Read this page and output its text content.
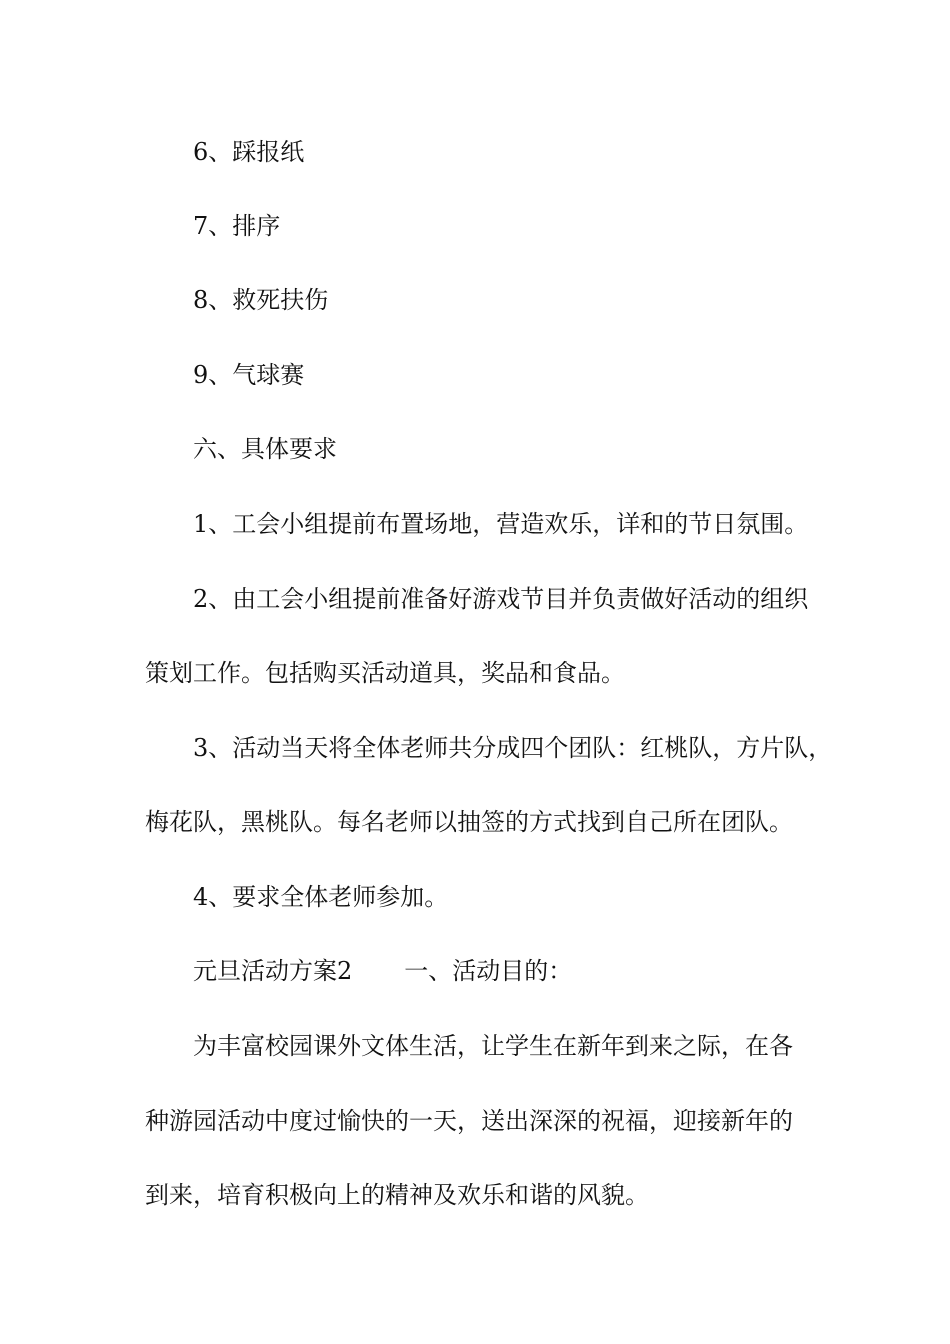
6、踩报纸
7、排序
8、救死扶伤
9、气球赛
六、具体要求
1、工会小组提前布置场地，营造欢乐，详和的节日氛围。
2、由工会小组提前准备好游戏节目并负责做好活动的组织
策划工作。包括购买活动道具，奖品和食品。
3、活动当天将全体老师共分成四个团队：红桃队，方片队，
梅花队，黑桃队。每名老师以抽签的方式找到自己所在团队。
4、要求全体老师参加。
元旦活动方案2 一、活动目的：
为丰富校园课外文体生活，让学生在新年到来之际，在各
种游园活动中度过愉快的一天，送出深深的祝福，迎接新年的
到来，培育积极向上的精神及欢乐和谐的风貌。
